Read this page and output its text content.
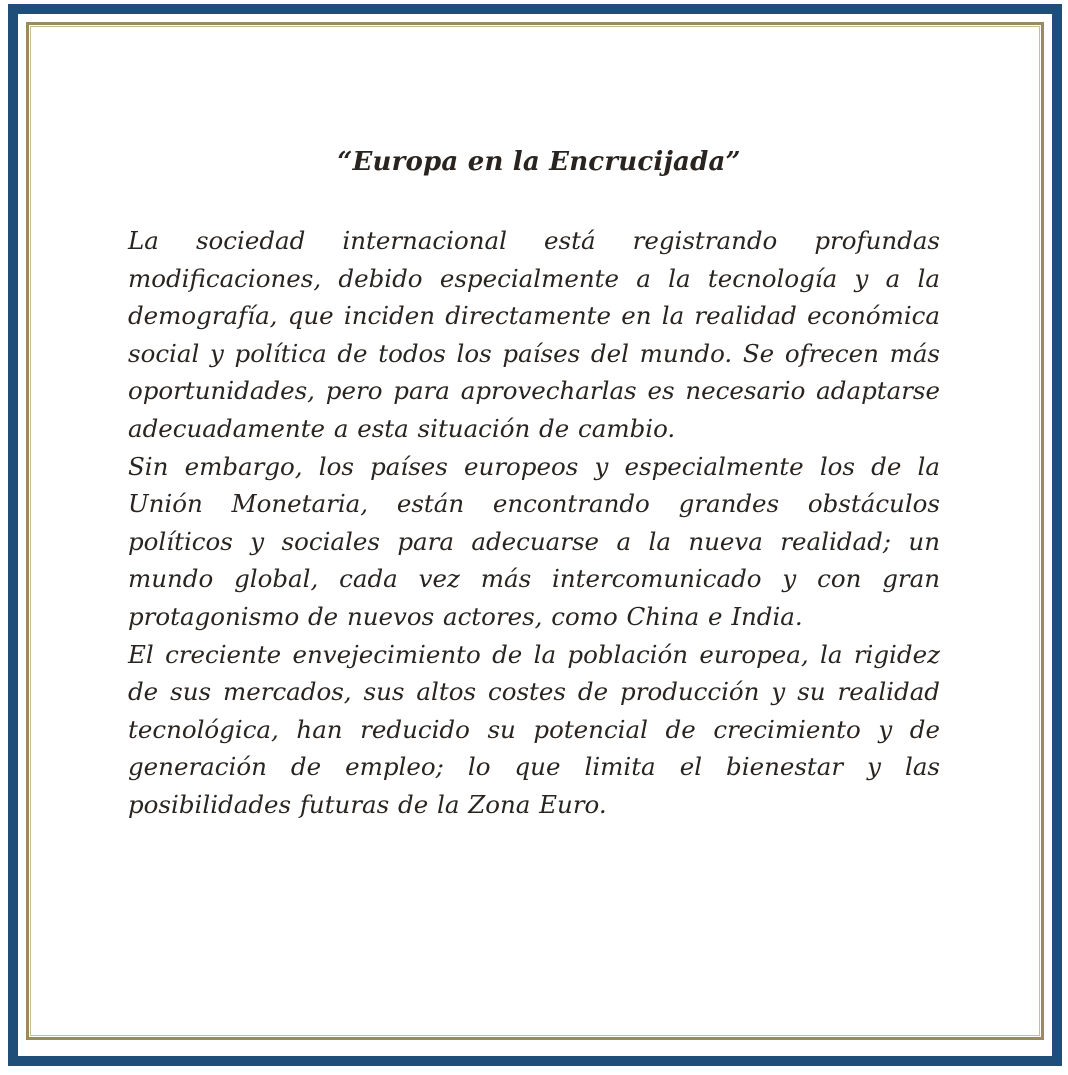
“Europa en la Encrucijada”

La sociedad internacional está registrando profundas modificaciones, debido especialmente a la tecnología y a la demografía, que inciden directamente en la realidad económica social y política de todos los países del mundo. Se ofrecen más oportunidades, pero para aprovecharlas es necesario adaptarse adecuadamente a esta situación de cambio.

Sin embargo, los países europeos y especialmente los de la Unión Monetaria, están encontrando grandes obstáculos políticos y sociales para adecuarse a la nueva realidad; un mundo global, cada vez más intercomunicado y con gran protagonismo de nuevos actores, como China e India.

El creciente envejecimiento de la población europea, la rigidez de sus mercados, sus altos costes de producción y su realidad tecnológica, han reducido su potencial de crecimiento y de generación de empleo; lo que limita el bienestar y las posibilidades futuras de la Zona Euro.
